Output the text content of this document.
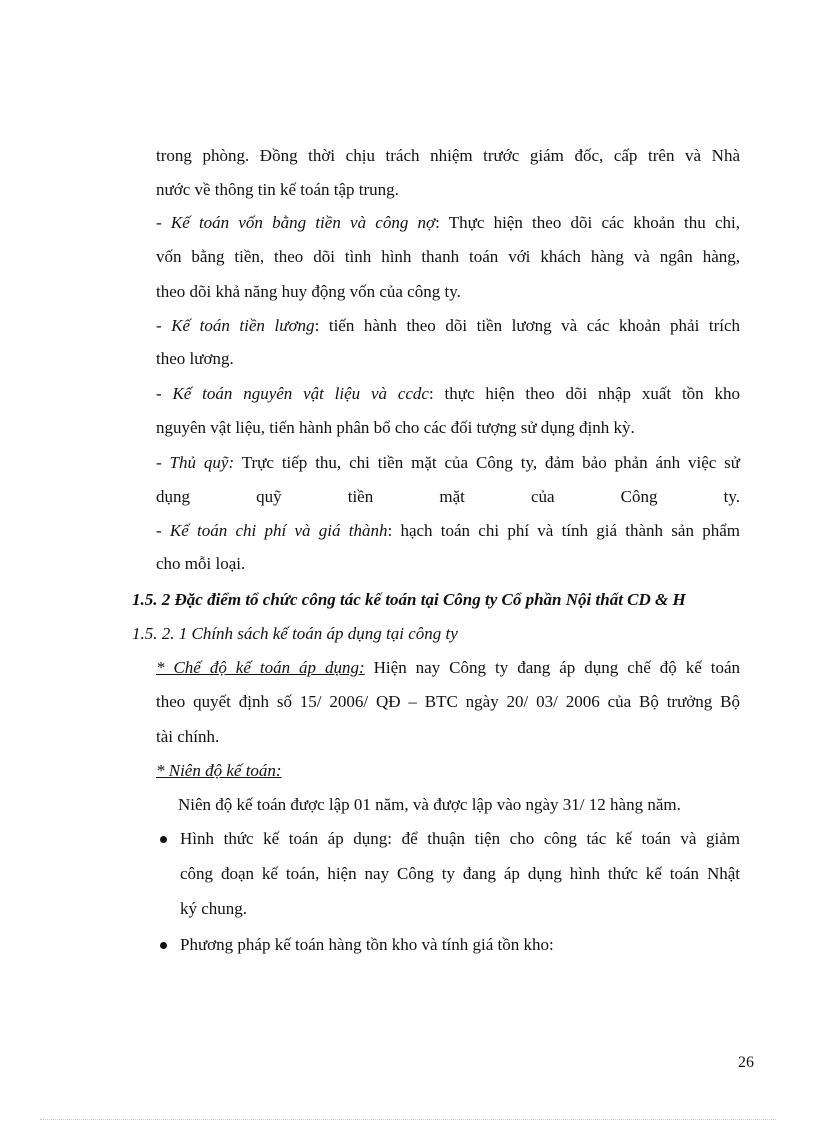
trong phòng. Đồng thời chịu trách nhiệm trước giám đốc, cấp trên và Nhà
nước về thông tin kế toán tập trung.
- Kế toán vốn bằng tiền và công nợ: Thực hiện theo dõi các khoản thu chi,
vốn bằng tiền, theo dõi tình hình thanh toán với khách hàng và ngân hàng,
theo dõi khả năng huy động vốn của công ty.
- Kế toán tiền lương: tiến hành theo dõi tiền lương và các khoản phải trích
theo lương.
- Kế toán nguyên vật liệu và ccdc: thực hiện theo dõi nhập xuất tồn kho
nguyên vật liệu, tiến hành phân bổ cho các đối tượng sử dụng định kỳ.
- Thủ quỹ: Trực tiếp thu, chi tiền mặt của Công ty, đảm bảo phản ánh việc sử
dụng quỹ tiền mặt của Công ty.
- Kế toán chi phí và giá thành: hạch toán chi phí và tính giá thành sản phẩm
cho mỗi loại.
1.5. 2 Đặc điểm tổ chức công tác kế toán tại Công ty Cổ phần Nội thất CD & H
1.5. 2. 1 Chính sách kế toán áp dụng tại công ty
* Chế độ kế toán áp dụng: Hiện nay Công ty đang áp dụng chế độ kế toán
theo quyết định số 15/ 2006/ QĐ – BTC ngày 20/ 03/ 2006 của Bộ trưởng Bộ
tài chính.
* Niên độ kế toán:
Niên độ kế toán được lập 01 năm, và được lập vào ngày 31/ 12 hàng năm.
Hình thức kế toán áp dụng: để thuận tiện cho công tác kế toán và giảm
công đoạn kế toán, hiện nay Công ty đang áp dụng hình thức kế toán Nhật
ký chung.
Phương pháp kế toán hàng tồn kho và tính giá tồn kho:
26
